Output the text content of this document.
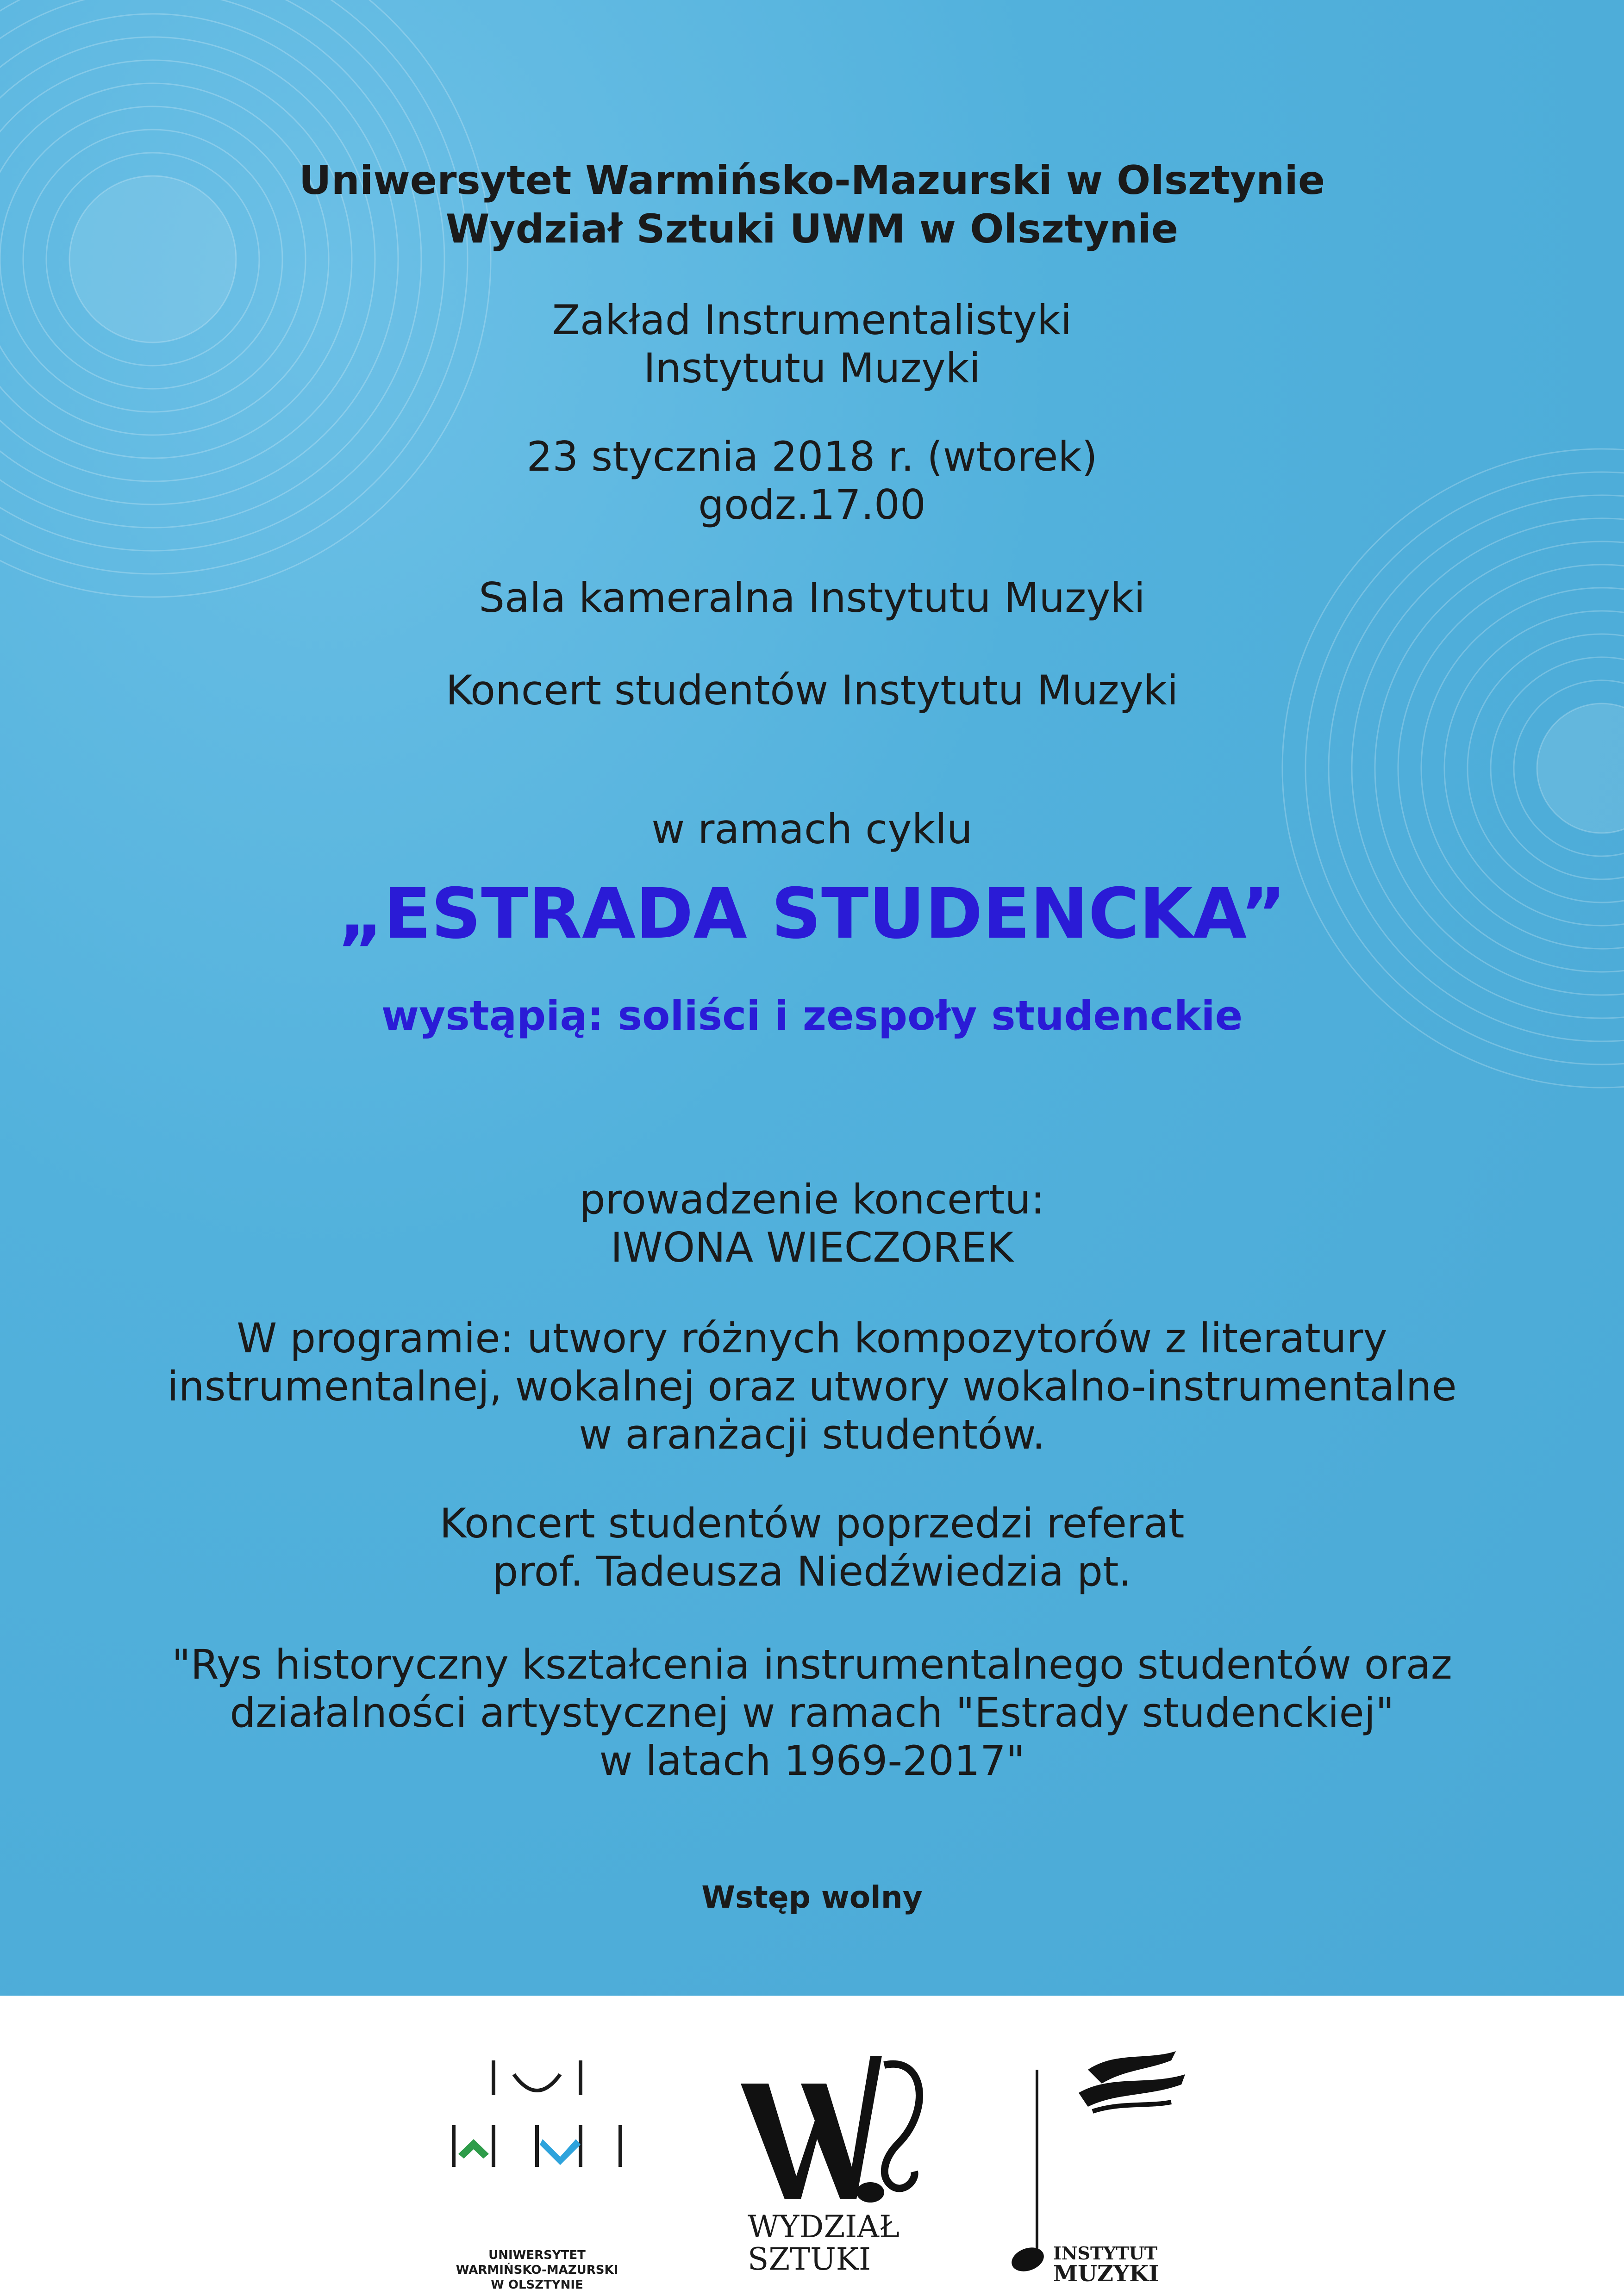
Uniwersytet Warmińsko-Mazurski w Olsztynie
Wydział Sztuki UWM w Olsztynie
Zakład Instrumentalistyki
Instytutu Muzyki
23 stycznia 2018 r. (wtorek)
godz.17.00
Sala kameralna Instytutu Muzyki
Koncert studentów Instytutu Muzyki
w ramach cyklu
„ESTRADA STUDENCKA”
wystąpią: soliści i zespoły studenckie
prowadzenie koncertu:
IWONA WIECZOREK
W programie: utwory różnych kompozytorów z literatury
instrumentalnej, wokalnej oraz utwory wokalno-instrumentalne
w aranżacji studentów.
Koncert studentów poprzedzi referat
prof. Tadeusza Niedźwiedzia pt.
"Rys historyczny kształcenia instrumentalnego studentów oraz
działalności artystycznej w ramach "Estrady studenckiej"
w latach 1969-2017"
Wstęp wolny
UNIWERSYTET
WARMIŃSKO-MAZURSKI
W OLSZTYNIE
WYDZIAŁ
SZTUKI	INSTYTUT
MUZYKI
